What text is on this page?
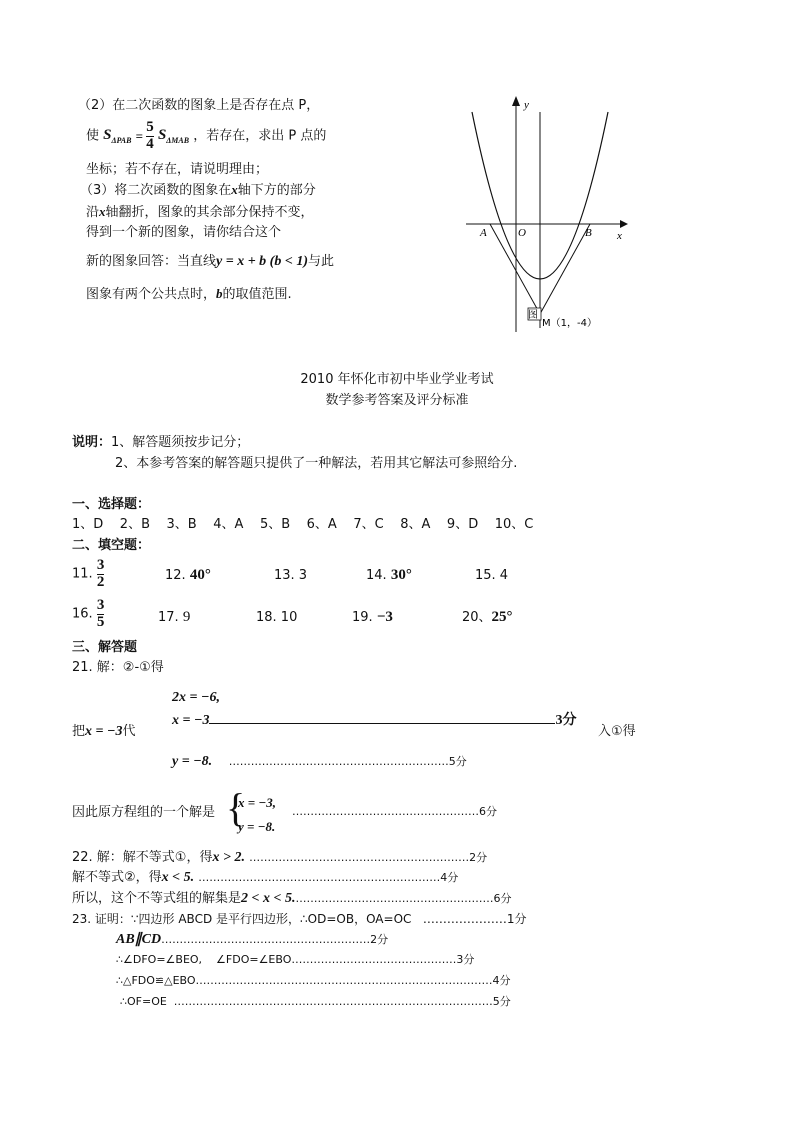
（2）在二次函数的图象上是否存在点 P，
使 $S_{\Delta PAB} = \frac{5}{4} S_{\Delta MAB}$ ，若存在，求出 P 点的
坐标；若不存在，请说明理由；
（3）将二次函数的图象在x轴下方的部分
沿x轴翻折，图象的其余部分保持不变，
得到一个新的图象，请你结合这个
新的图象回答：当直线y = x + b (b < 1)与此
图象有两个公共点时，b的取值范围.
y
x
A	O	B
图
M（1，-4）
2010 年怀化市初中毕业学业考试
数学参考答案及评分标准
说明：1、解答题须按步记分；
2、本参考答案的解答题只提供了一种解法，若用其它解法可参照给分.
一、选择题：
1、D    2、B    3、B    4、A    5、B    6、A    7、C    8、A    9、D    10、C
二、填空题：
11. $\frac{3}{2}$	12. 40°	13. 3	14. 30°	15. 4
16. $\frac{3}{5}$	17. 9	18. 10	19. −3	20、25°
三、解答题
21. 解：②-①得
2x = −6,
x = −3	3分
把x = −3代	入①得
y = −8. ……………………………………………………5分
因此原方程组的一个解是 {
x = −3,
y = −8.
……………………………………………6分
22. 解：解不等式①，得x > 2. ……………………………………………………2分
解不等式②，得x < 5. …………………………………………………………4分
所以，这个不等式组的解集是2 < x < 5.………………………………………………6分
23. 证明：∵四边形 ABCD 是平行四边形，∴OD=OB，OA=OC   …………………1分
AB∥CD…………………………………………………2分
∴∠DFO=∠BEO,    ∠FDO=∠EBO………………………………………3分
∴△FDO≌△EBO………………………………………………………………………4分
∴OF=OE  ……………………………………………………………………………5分
